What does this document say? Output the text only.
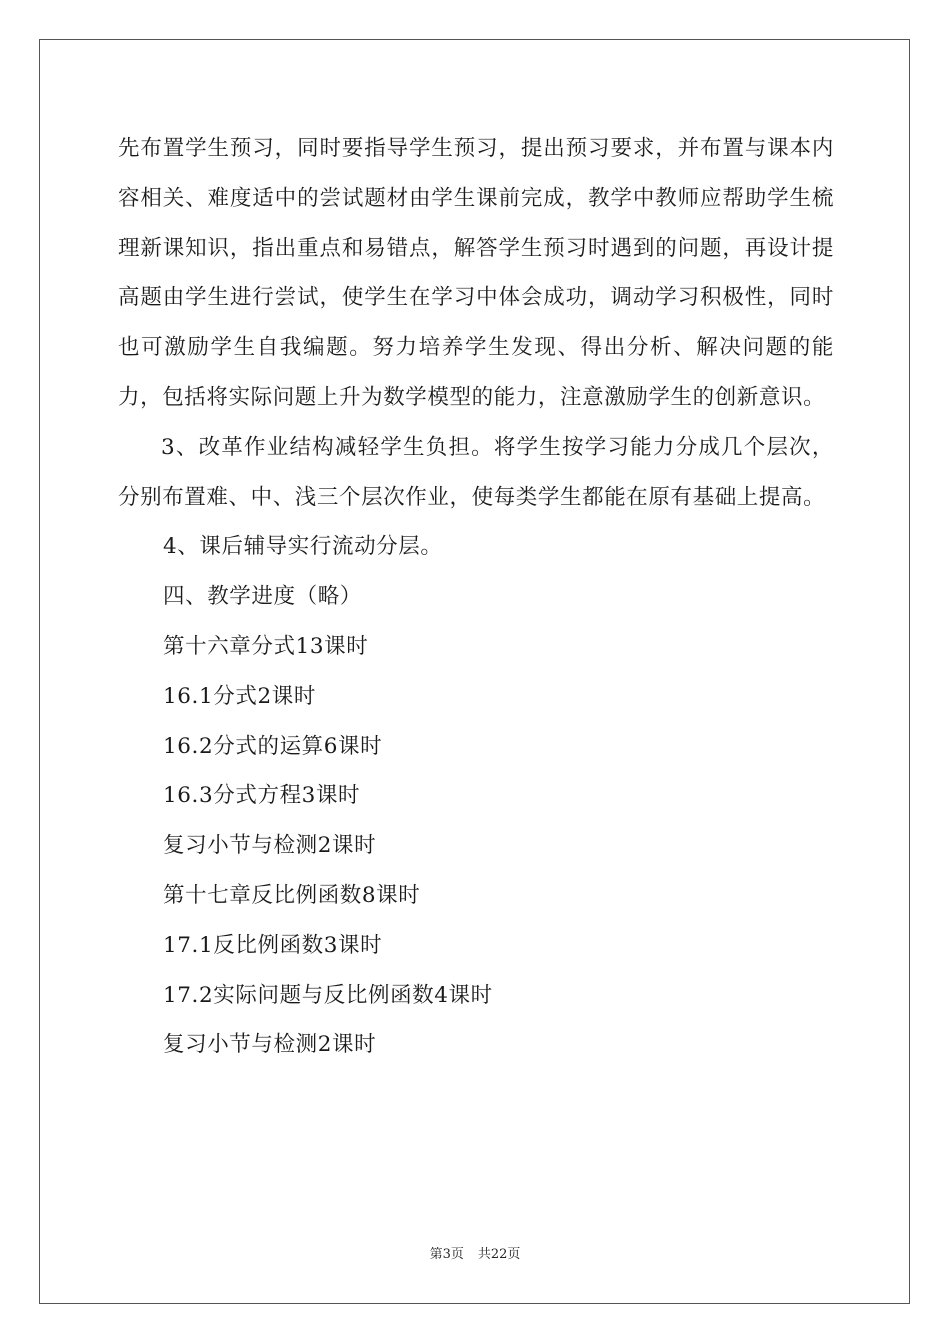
先布置学生预习，同时要指导学生预习，提出预习要求，并布置与课本内容相关、难度适中的尝试题材由学生课前完成，教学中教师应帮助学生梳理新课知识，指出重点和易错点，解答学生预习时遇到的问题，再设计提高题由学生进行尝试，使学生在学习中体会成功，调动学习积极性，同时也可激励学生自我编题。努力培养学生发现、得出分析、解决问题的能力，包括将实际问题上升为数学模型的能力，注意激励学生的创新意识。

3、改革作业结构减轻学生负担。将学生按学习能力分成几个层次，分别布置难、中、浅三个层次作业，使每类学生都能在原有基础上提高。

4、课后辅导实行流动分层。

四、教学进度（略）

第十六章分式13课时

16.1分式2课时

16.2分式的运算6课时

16.3分式方程3课时

复习小节与检测2课时

第十七章反比例函数8课时

17.1反比例函数3课时

17.2实际问题与反比例函数4课时

复习小节与检测2课时

第3页 共22页
